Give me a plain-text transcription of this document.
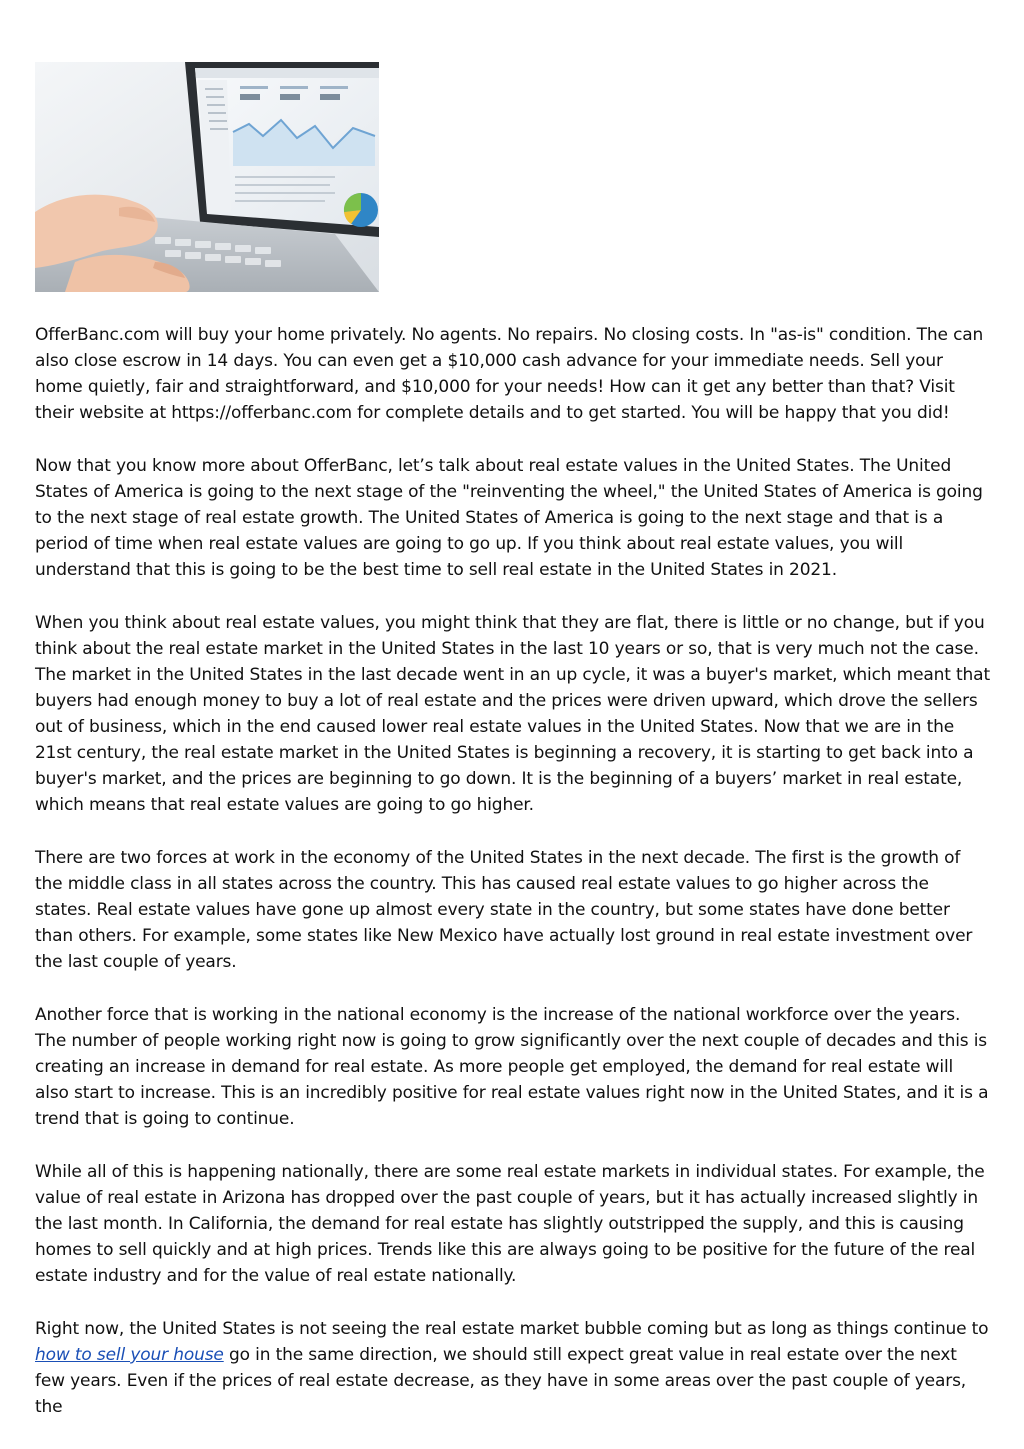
OfferBanc.com will buy your home privately. No agents. No repairs. No closing costs. In "as-is" condition. The can also close escrow in 14 days. You can even get a $10,000 cash advance for your immediate needs. Sell your home quietly, fair and straightforward, and $10,000 for your needs! How can it get any better than that? Visit their website at https://offerbanc.com for complete details and to get started. You will be happy that you did!

Now that you know more about OfferBanc, let’s talk about real estate values in the United States. The United States of America is going to the next stage of the "reinventing the wheel," the United States of America is going to the next stage of real estate growth. The United States of America is going to the next stage and that is a period of time when real estate values are going to go up. If you think about real estate values, you will understand that this is going to be the best time to sell real estate in the United States in 2021.

When you think about real estate values, you might think that they are flat, there is little or no change, but if you think about the real estate market in the United States in the last 10 years or so, that is very much not the case. The market in the United States in the last decade went in an up cycle, it was a buyer's market, which meant that buyers had enough money to buy a lot of real estate and the prices were driven upward, which drove the sellers out of business, which in the end caused lower real estate values in the United States. Now that we are in the 21st century, the real estate market in the United States is beginning a recovery, it is starting to get back into a buyer's market, and the prices are beginning to go down. It is the beginning of a buyers’ market in real estate, which means that real estate values are going to go higher.

There are two forces at work in the economy of the United States in the next decade. The first is the growth of the middle class in all states across the country. This has caused real estate values to go higher across the states. Real estate values have gone up almost every state in the country, but some states have done better than others. For example, some states like New Mexico have actually lost ground in real estate investment over the last couple of years.

Another force that is working in the national economy is the increase of the national workforce over the years. The number of people working right now is going to grow significantly over the next couple of decades and this is creating an increase in demand for real estate. As more people get employed, the demand for real estate will also start to increase. This is an incredibly positive for real estate values right now in the United States, and it is a trend that is going to continue.

While all of this is happening nationally, there are some real estate markets in individual states. For example, the value of real estate in Arizona has dropped over the past couple of years, but it has actually increased slightly in the last month. In California, the demand for real estate has slightly outstripped the supply, and this is causing homes to sell quickly and at high prices. Trends like this are always going to be positive for the future of the real estate industry and for the value of real estate nationally.

Right now, the United States is not seeing the real estate market bubble coming but as long as things continue to how to sell your house go in the same direction, we should still expect great value in real estate over the next few years. Even if the prices of real estate decrease, as they have in some areas over the past couple of years, the
